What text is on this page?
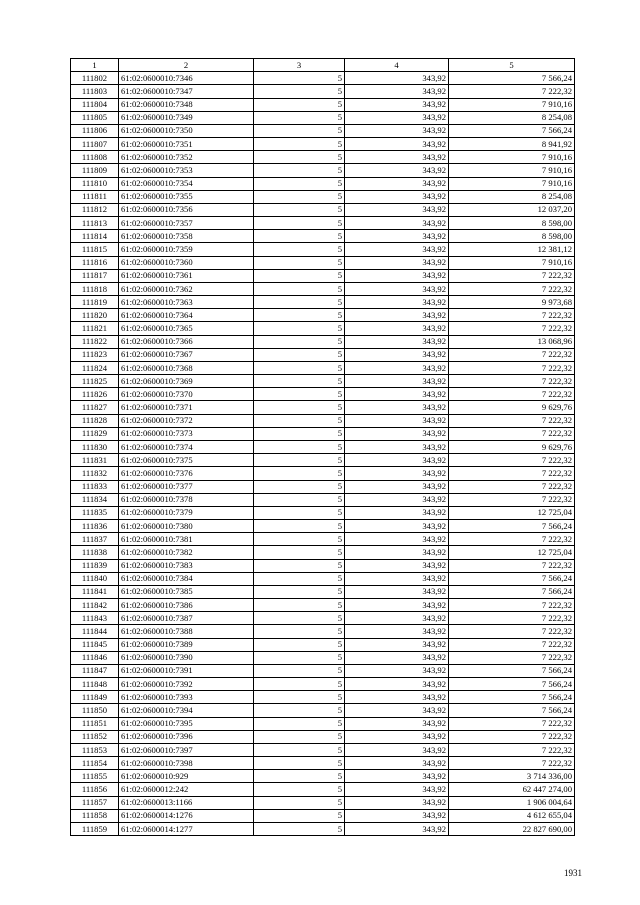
1	2	3	4	5
111802	61:02:0600010:7346	5	343,92	7 566,24
111803	61:02:0600010:7347	5	343,92	7 222,32
111804	61:02:0600010:7348	5	343,92	7 910,16
111805	61:02:0600010:7349	5	343,92	8 254,08
111806	61:02:0600010:7350	5	343,92	7 566,24
111807	61:02:0600010:7351	5	343,92	8 941,92
111808	61:02:0600010:7352	5	343,92	7 910,16
111809	61:02:0600010:7353	5	343,92	7 910,16
111810	61:02:0600010:7354	5	343,92	7 910,16
111811	61:02:0600010:7355	5	343,92	8 254,08
111812	61:02:0600010:7356	5	343,92	12 037,20
111813	61:02:0600010:7357	5	343,92	8 598,00
111814	61:02:0600010:7358	5	343,92	8 598,00
111815	61:02:0600010:7359	5	343,92	12 381,12
111816	61:02:0600010:7360	5	343,92	7 910,16
111817	61:02:0600010:7361	5	343,92	7 222,32
111818	61:02:0600010:7362	5	343,92	7 222,32
111819	61:02:0600010:7363	5	343,92	9 973,68
111820	61:02:0600010:7364	5	343,92	7 222,32
111821	61:02:0600010:7365	5	343,92	7 222,32
111822	61:02:0600010:7366	5	343,92	13 068,96
111823	61:02:0600010:7367	5	343,92	7 222,32
111824	61:02:0600010:7368	5	343,92	7 222,32
111825	61:02:0600010:7369	5	343,92	7 222,32
111826	61:02:0600010:7370	5	343,92	7 222,32
111827	61:02:0600010:7371	5	343,92	9 629,76
111828	61:02:0600010:7372	5	343,92	7 222,32
111829	61:02:0600010:7373	5	343,92	7 222,32
111830	61:02:0600010:7374	5	343,92	9 629,76
111831	61:02:0600010:7375	5	343,92	7 222,32
111832	61:02:0600010:7376	5	343,92	7 222,32
111833	61:02:0600010:7377	5	343,92	7 222,32
111834	61:02:0600010:7378	5	343,92	7 222,32
111835	61:02:0600010:7379	5	343,92	12 725,04
111836	61:02:0600010:7380	5	343,92	7 566,24
111837	61:02:0600010:7381	5	343,92	7 222,32
111838	61:02:0600010:7382	5	343,92	12 725,04
111839	61:02:0600010:7383	5	343,92	7 222,32
111840	61:02:0600010:7384	5	343,92	7 566,24
111841	61:02:0600010:7385	5	343,92	7 566,24
111842	61:02:0600010:7386	5	343,92	7 222,32
111843	61:02:0600010:7387	5	343,92	7 222,32
111844	61:02:0600010:7388	5	343,92	7 222,32
111845	61:02:0600010:7389	5	343,92	7 222,32
111846	61:02:0600010:7390	5	343,92	7 222,32
111847	61:02:0600010:7391	5	343,92	7 566,24
111848	61:02:0600010:7392	5	343,92	7 566,24
111849	61:02:0600010:7393	5	343,92	7 566,24
111850	61:02:0600010:7394	5	343,92	7 566,24
111851	61:02:0600010:7395	5	343,92	7 222,32
111852	61:02:0600010:7396	5	343,92	7 222,32
111853	61:02:0600010:7397	5	343,92	7 222,32
111854	61:02:0600010:7398	5	343,92	7 222,32
111855	61:02:0600010:929	5	343,92	3 714 336,00
111856	61:02:0600012:242	5	343,92	62 447 274,00
111857	61:02:0600013:1166	5	343,92	1 906 004,64
111858	61:02:0600014:1276	5	343,92	4 612 655,04
111859	61:02:0600014:1277	5	343,92	22 827 690,00
1931
